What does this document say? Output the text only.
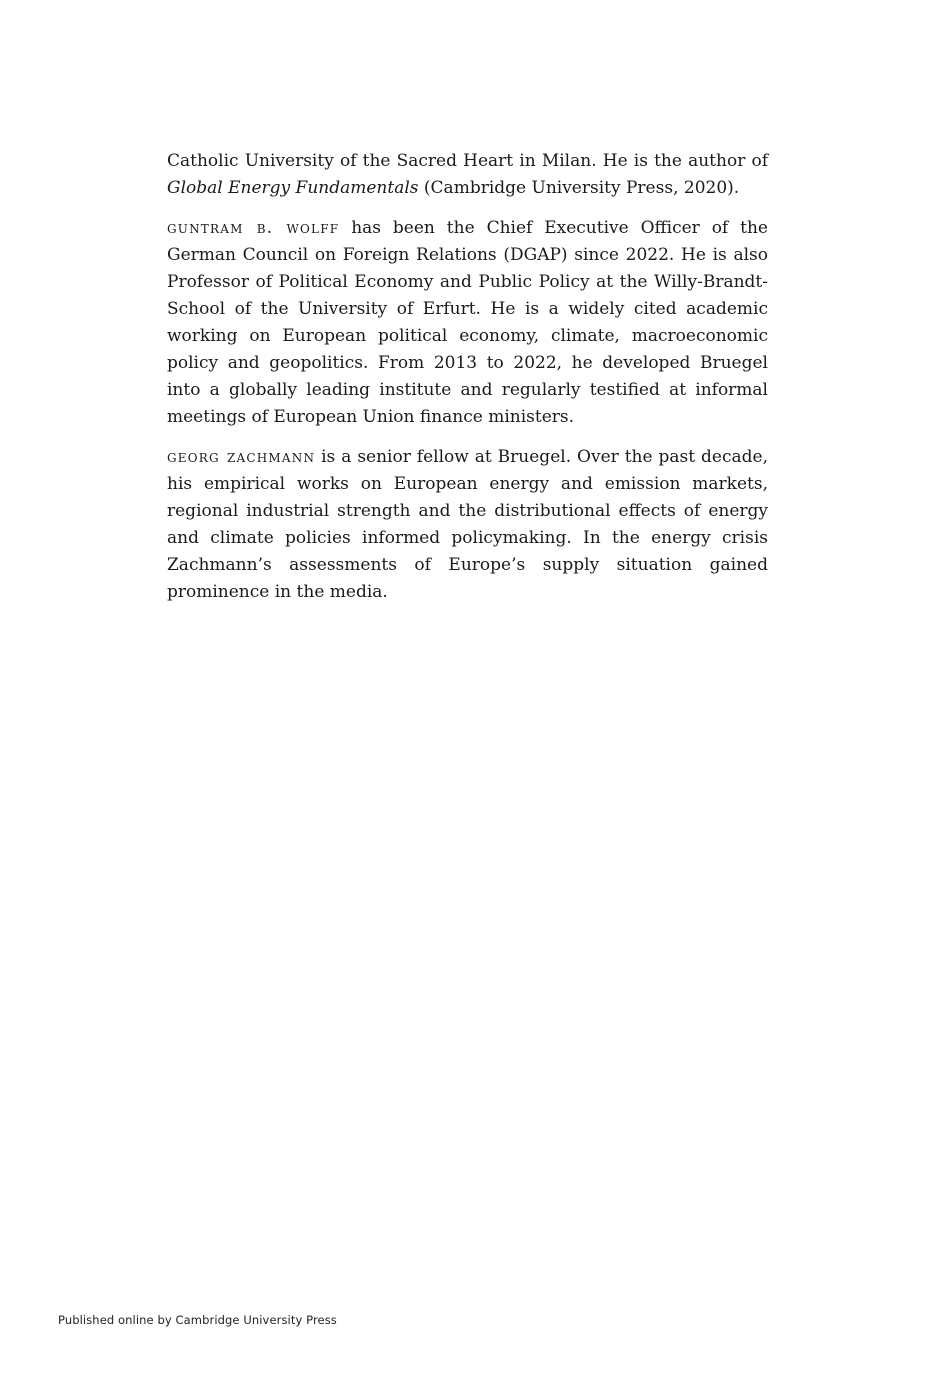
Catholic University of the Sacred Heart in Milan. He is the author of Global Energy Fundamentals (Cambridge University Press, 2020).

guntram b. wolff has been the Chief Executive Officer of the German Council on Foreign Relations (DGAP) since 2022. He is also Professor of Political Economy and Public Policy at the Willy-Brandt-School of the University of Erfurt. He is a widely cited academic working on European political economy, climate, macroeconomic policy and geopolitics. From 2013 to 2022, he developed Bruegel into a globally leading institute and regularly testified at informal meetings of European Union finance ministers.

georg zachmann is a senior fellow at Bruegel. Over the past decade, his empirical works on European energy and emission markets, regional industrial strength and the distributional effects of energy and climate policies informed policymaking. In the energy crisis Zachmann’s assessments of Europe’s supply situation gained prominence in the media.

Published online by Cambridge University Press
